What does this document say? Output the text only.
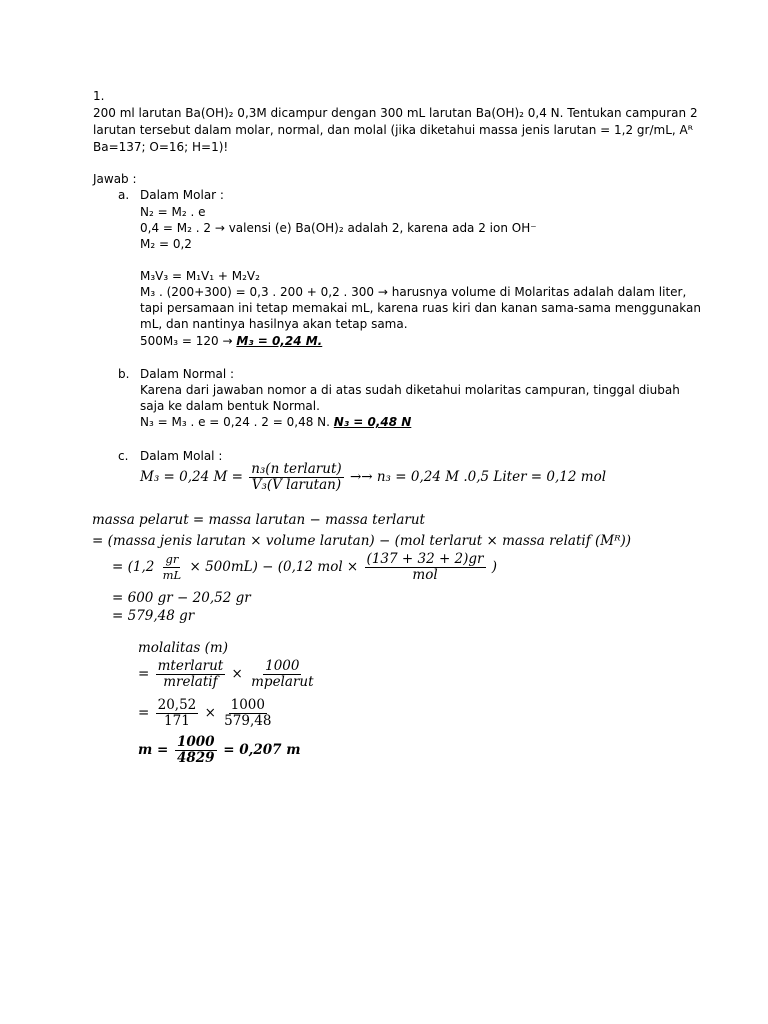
1.
200 ml larutan Ba(OH)₂ 0,3M dicampur dengan 300 mL larutan Ba(OH)₂ 0,4 N. Tentukan campuran 2
larutan tersebut dalam molar, normal, dan molal (jika diketahui massa jenis larutan = 1,2 gr/mL, Aᴿ
Ba=137; O=16; H=1)!
Jawab :
a. Dalam Molar :
N₂ = M₂ . e
0,4 = M₂ . 2 → valensi (e) Ba(OH)₂ adalah 2, karena ada 2 ion OH⁻
M₂ = 0,2
M₃V₃ = M₁V₁ + M₂V₂
M₃ . (200+300) = 0,3 . 200 + 0,2 . 300 → harusnya volume di Molaritas adalah dalam liter,
tapi persamaan ini tetap memakai mL, karena ruas kiri dan kanan sama-sama menggunakan
mL, dan nantinya hasilnya akan tetap sama.
500M₃ = 120 → M₃ = 0,24 M.
b. Dalam Normal :
Karena dari jawaban nomor a di atas sudah diketahui molaritas campuran, tinggal diubah
saja ke dalam bentuk Normal.
N₃ = M₃ . e = 0,24 . 2 = 0,48 N. N₃ = 0,48 N
c. Dalam Molal :
M₃ = 0,24 $M = \frac{\text{n₃(n terlarut)}}{\text{V₃(V larutan)}} \to\to n_3 = 0,24$ M .0,5 Liter = 0,12 mol
massa pelarut = massa larutan − massa terlarut
= (massa jenis larutan × volume larutan) − (mol terlarut × massa relatif (Mᴿ))
= $(1,2 \frac{gr}{mL} \times 500mL) - (0,12$ mol × $\frac{(137 + 32 + 2)gr}{\text{mol}}$ )
= 600 gr − 20,52 gr
= 579,48 gr
molalitas (m)
= $\frac{\text{mterlarut}}{\text{mrelatif}} \times \frac{1000}{\text{mpelarut}}$
= $\frac{20,52}{171} \times \frac{1000}{579,48}$
$m = \frac{1000}{4829} = 0,207$ m
